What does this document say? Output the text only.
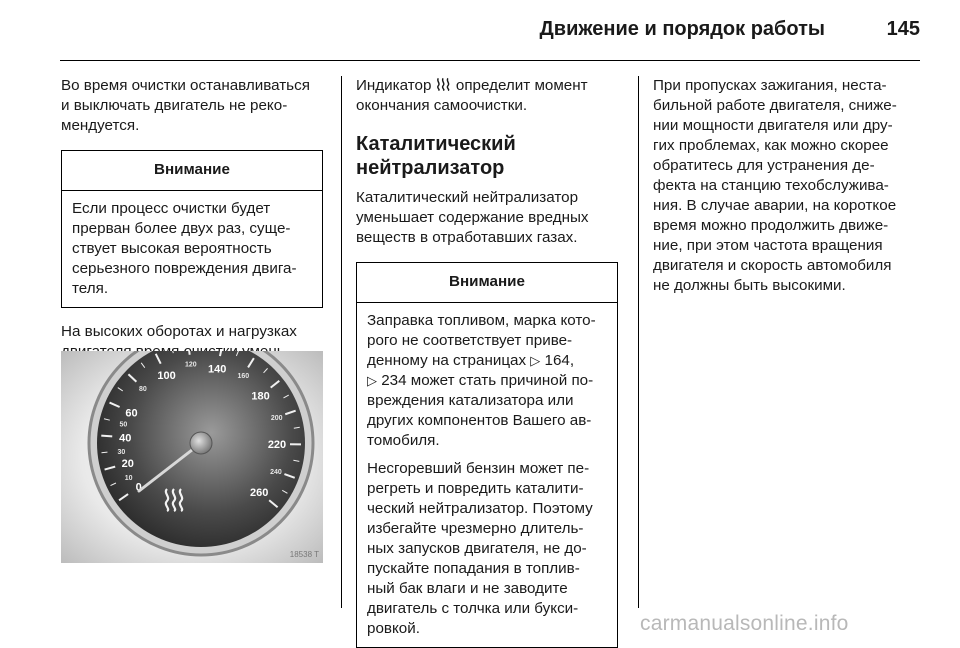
Движение и порядок работы	145

Во время очистки останавливаться
и выключать двигатель не реко-
мендуется.

Внимание

Если процесс очистки будет
прерван более двух раз, суще-
ствует высокая вероятность
серьезного повреждения двига-
теля.

На высоких оборотах и нагрузках

0
20
40
60
100
140
180
220
260
10
30
50
80
120
160
200
240
18538 T

Индикатор определит момент
окончания самоочистки.

Каталитический
нейтрализатор

Каталитический нейтрализатор
уменьшает содержание вредных
веществ в отработавших газах.

Внимание

Заправка топливом, марка кото-
рого не соответствует приве-
денному на страницах ▷ 164,
▷ 234 может стать причиной по-
вреждения катализатора или
других компонентов Вашего ав-
томобиля.

Несгоревший бензин может пе-
регреть и повредить каталити-
ческий нейтрализатор. Поэтому
избегайте чрезмерно длитель-
ных запусков двигателя, не до-
пускайте попадания в топлив-
ный бак влаги и не заводите
двигатель с толчка или букси-
ровкой.

При пропусках зажигания, неста-
бильной работе двигателя, сниже-
нии мощности двигателя или дру-
гих проблемах, как можно скорее
обратитесь для устранения де-
фекта на станцию техобслужива-
ния. В случае аварии, на короткое
время можно продолжить движе-
ние, при этом частота вращения
двигателя и скорость автомобиля
не должны быть высокими.

carmanualsonline.info
